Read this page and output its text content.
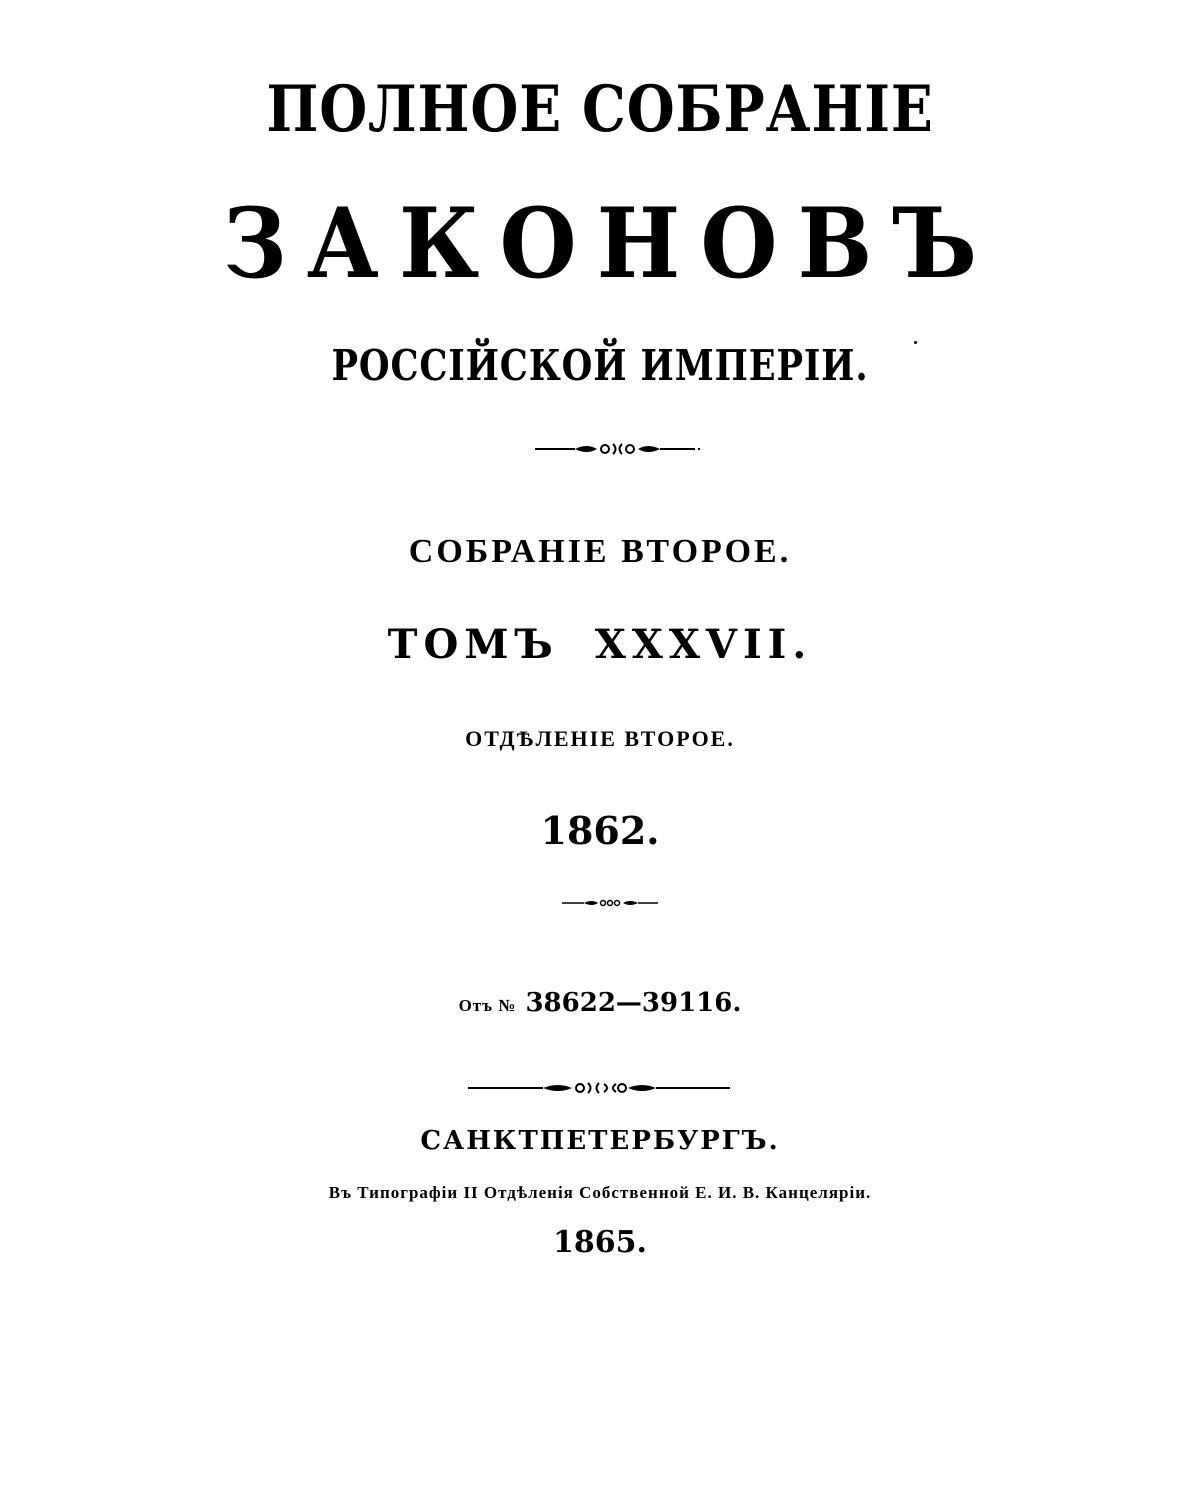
ПОЛНОЕ СОБРАНІЕ
ЗАКОНОВЪ
РОССІЙСКОЙ ИМПЕРІИ.
СОБРАНІЕ ВТОРОЕ.
ТОМЪ XXXVII.
ОТДѢЛЕНІЕ ВТОРОЕ.
1862.
Отъ № 38622—39116.
САНКТПЕТЕРБУРГЪ.
Въ Типографіи II Отдѣленія Собственной Е. И. В. Канцеляріи.
1865.
